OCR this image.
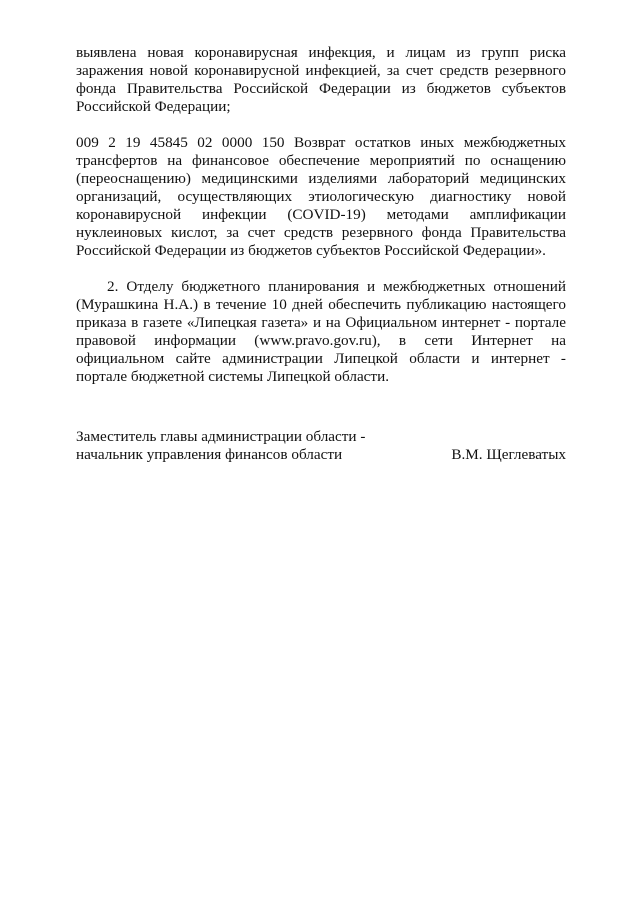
выявлена новая коронавирусная инфекция, и лицам из групп риска заражения новой коронавирусной инфекцией, за счет средств резервного фонда Правительства Российской Федерации из бюджетов субъектов Российской Федерации;

009 2 19 45845 02 0000 150 Возврат остатков иных межбюджетных трансфертов на финансовое обеспечение мероприятий по оснащению (переоснащению) медицинскими изделиями лабораторий медицинских организаций, осуществляющих этиологическую диагностику новой коронавирусной инфекции (COVID-19) методами амплификации нуклеиновых кислот, за счет средств резервного фонда Правительства Российской Федерации из бюджетов субъектов Российской Федерации».

2. Отделу бюджетного планирования и межбюджетных отношений (Мурашкина Н.А.) в течение 10 дней обеспечить публикацию настоящего приказа в газете «Липецкая газета» и на Официальном интернет - портале правовой информации (www.pravo.gov.ru), в сети Интернет на официальном сайте администрации Липецкой области и интернет - портале бюджетной системы Липецкой области.

Заместитель главы администрации области -
начальник управления финансов области	В.М. Щеглеватых
